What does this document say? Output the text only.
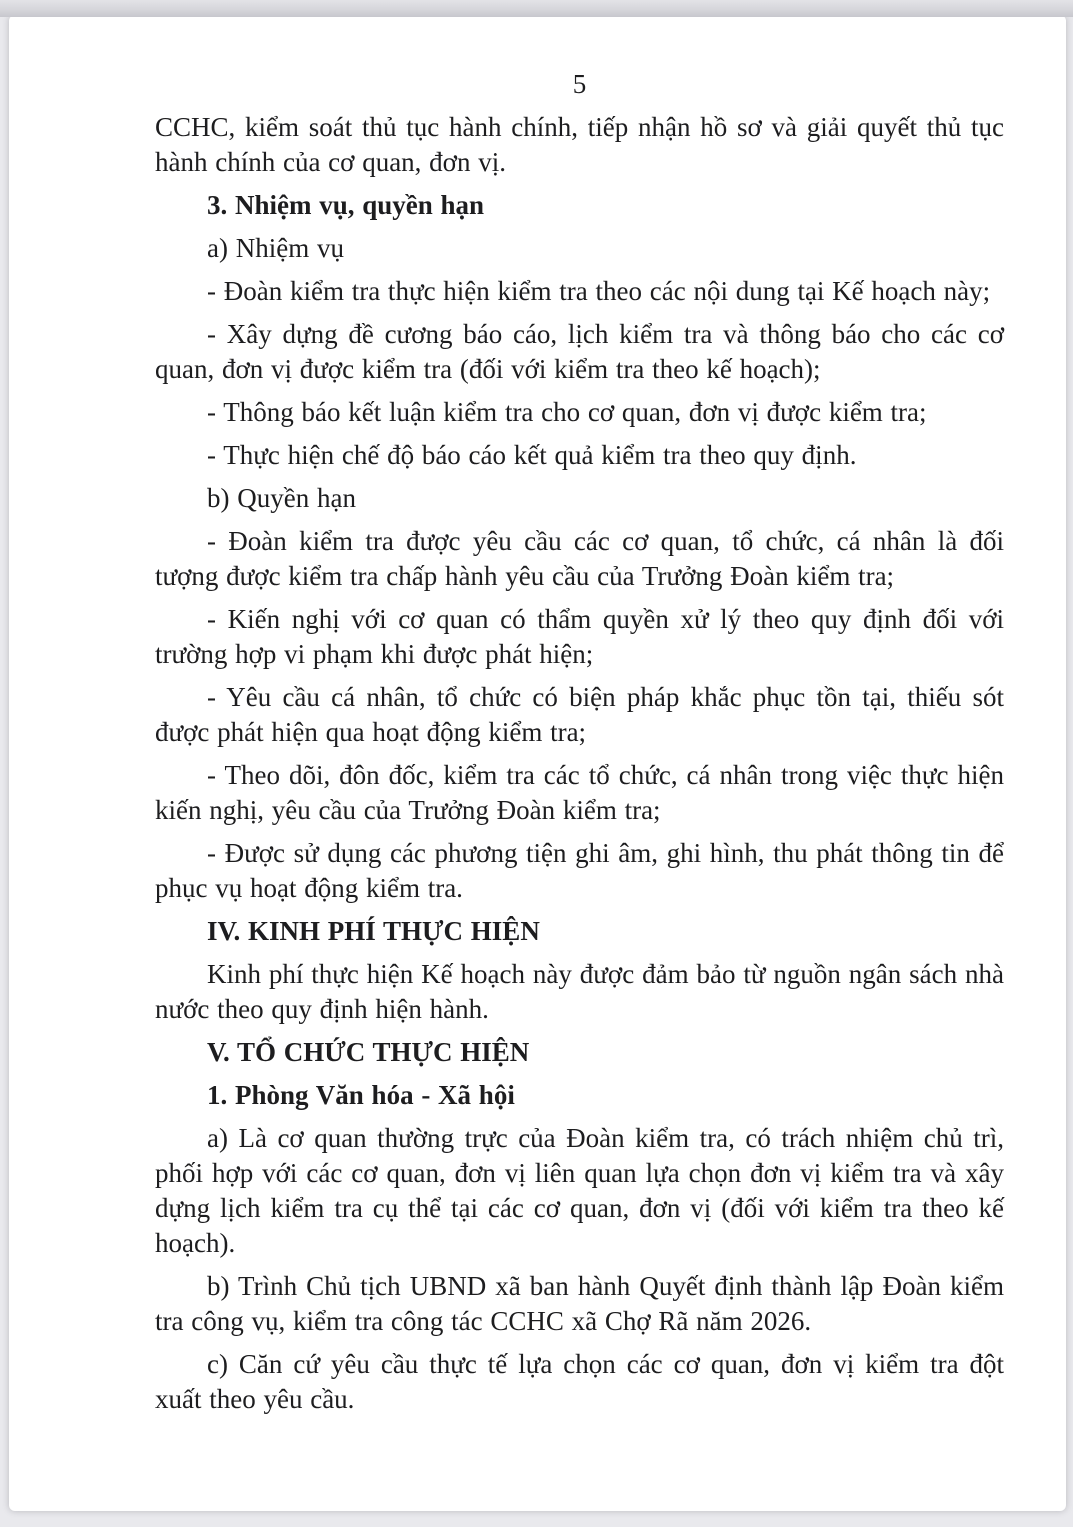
5

CCHC, kiểm soát thủ tục hành chính, tiếp nhận hồ sơ và giải quyết thủ tục hành chính của cơ quan, đơn vị.

3. Nhiệm vụ, quyền hạn

a) Nhiệm vụ

- Đoàn kiểm tra thực hiện kiểm tra theo các nội dung tại Kế hoạch này;

- Xây dựng đề cương báo cáo, lịch kiểm tra và thông báo cho các cơ quan, đơn vị được kiểm tra (đối với kiểm tra theo kế hoạch);

- Thông báo kết luận kiểm tra cho cơ quan, đơn vị được kiểm tra;

- Thực hiện chế độ báo cáo kết quả kiểm tra theo quy định.

b) Quyền hạn

- Đoàn kiểm tra được yêu cầu các cơ quan, tổ chức, cá nhân là đối tượng được kiểm tra chấp hành yêu cầu của Trưởng Đoàn kiểm tra;

- Kiến nghị với cơ quan có thẩm quyền xử lý theo quy định đối với trường hợp vi phạm khi được phát hiện;

- Yêu cầu cá nhân, tổ chức có biện pháp khắc phục tồn tại, thiếu sót được phát hiện qua hoạt động kiểm tra;

- Theo dõi, đôn đốc, kiểm tra các tổ chức, cá nhân trong việc thực hiện kiến nghị, yêu cầu của Trưởng Đoàn kiểm tra;

- Được sử dụng các phương tiện ghi âm, ghi hình, thu phát thông tin để phục vụ hoạt động kiểm tra.

IV. KINH PHÍ THỰC HIỆN

Kinh phí thực hiện Kế hoạch này được đảm bảo từ nguồn ngân sách nhà nước theo quy định hiện hành.

V. TỔ CHỨC THỰC HIỆN

1. Phòng Văn hóa - Xã hội

a) Là cơ quan thường trực của Đoàn kiểm tra, có trách nhiệm chủ trì, phối hợp với các cơ quan, đơn vị liên quan lựa chọn đơn vị kiểm tra và xây dựng lịch kiểm tra cụ thể tại các cơ quan, đơn vị (đối với kiểm tra theo kế hoạch).

b) Trình Chủ tịch UBND xã ban hành Quyết định thành lập Đoàn kiểm tra công vụ, kiểm tra công tác CCHC xã Chợ Rã năm 2026.

c) Căn cứ yêu cầu thực tế lựa chọn các cơ quan, đơn vị kiểm tra đột xuất theo yêu cầu.
